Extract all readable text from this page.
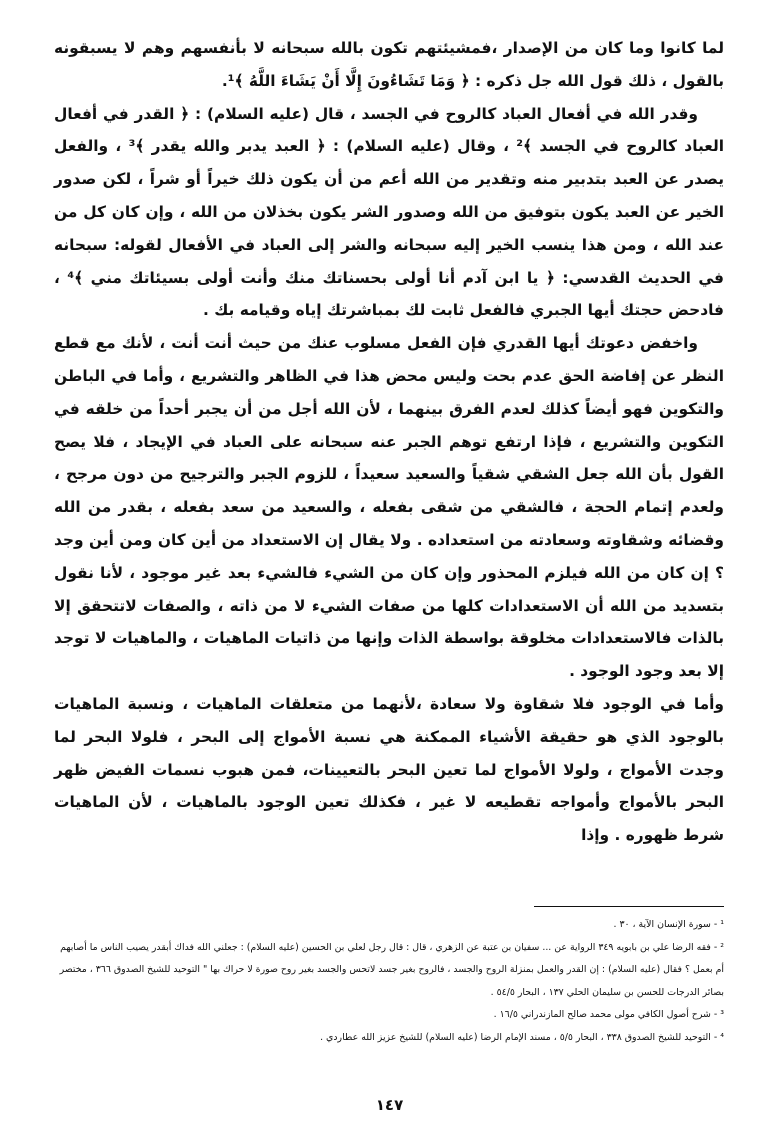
لما كانوا وما كان من الإصدار ،فمشيئتهم تكون بالله سبحانه لا بأنفسهم وهم لا يسبقونه بالقول ، ذلك قول الله جل ذكره : ﴿ وَمَا تَشَاءُونَ إِلَّا أَنْ يَشَاءَ اللَّهُ ﴾¹.

وقدر الله في أفعال العباد كالروح في الجسد ، قال (عليه السلام) : ﴿ القدر في أفعال العباد كالروح في الجسد ﴾² ، وقال (عليه السلام) : ﴿ العبد يدبر والله يقدر ﴾³ ، والفعل يصدر عن العبد بتدبير منه وتقدير من الله أعم من أن يكون ذلك خيراً أو شراً ، لكن صدور الخير عن العبد يكون بتوفيق من الله وصدور الشر يكون بخذلان من الله ، وإن كان كل من عند الله ، ومن هذا ينسب الخير إليه سبحانه والشر إلى العباد في الأفعال لقوله: سبحانه في الحديث القدسي: ﴿ يا ابن آدم أنا أولى بحسناتك منك وأنت أولى بسيئاتك مني ﴾⁴ ، فادحض حجتك أيها الجبري فالفعل ثابت لك بمباشرتك إياه وقيامه بك .

واخفض دعوتك أيها القدري فإن الفعل مسلوب عنك من حيث أنت أنت ، لأنك مع قطع النظر عن إفاضة الحق عدم بحت وليس محض هذا في الظاهر والتشريع ، وأما في الباطن والتكوين فهو أيضاً كذلك لعدم الفرق بينهما ، لأن الله أجل من أن يجبر أحداً من خلقه في التكوين والتشريع ، فإذا ارتفع توهم الجبر عنه سبحانه على العباد في الإيجاد ، فلا يصح القول بأن الله جعل الشقي شقياً والسعيد سعيداً ، للزوم الجبر والترجيح من دون مرجح ، ولعدم إتمام الحجة ، فالشقي من شقى بفعله ، والسعيد من سعد بفعله ، بقدر من الله وقضائه وشقاوته وسعادته من استعداده . ولا يقال إن الاستعداد من أين كان ومن أين وجد ؟ إن كان من الله فيلزم المحذور وإن كان من الشيء فالشيء بعد غير موجود ، لأنا نقول بتسديد من الله أن الاستعدادات كلها من صفات الشيء لا من ذاته ، والصفات لاتتحقق إلا بالذات فالاستعدادات مخلوقة بواسطة الذات وإنها من ذاتيات الماهيات ، والماهيات لا توجد إلا بعد وجود الوجود .

وأما في الوجود فلا شقاوة ولا سعادة ،لأنهما من متعلقات الماهيات ، ونسبة الماهيات بالوجود الذي هو حقيقة الأشياء الممكنة هي نسبة الأمواج إلى البحر ، فلولا البحر لما وجدت الأمواج ، ولولا الأمواج لما تعين البحر بالتعيينات، فمن هبوب نسمات الفيض ظهر البحر بالأمواج وأمواجه تقطيعه لا غير ، فكذلك تعين الوجود بالماهيات ، لأن الماهيات شرط ظهوره . وإذا

¹ - سورة الإنسان الآية ، ٣٠ .

² - فقه الرضا علي بن بابويه ٣٤٩ الرواية عن ... سفيان بن عتبة عن الزهري ، قال : قال رجل لعلي بن الحسين (عليه السلام) : جعلني الله فداك أبقدر يصيب الناس ما أصابهم أم بعمل ؟ فقال (عليه السلام) : إن القدر والعمل بمنزلة الروح والجسد ، فالروح بغير جسد لاتحس والجسد بغير روح صورة لا حراك بها " التوحيد للشيخ الصدوق ٣٦٦ ، مختصر بصائر الدرجات للحسن بن سليمان الحلي ١٣٧ ، البحار ٥٤/٥ .

³ - شرح أصول الكافي مولى محمد صالح المازندراني ١٦/٥ .

⁴ - التوحيد للشيخ الصدوق ٣٣٨ ، البحار ٥/٥ ، مسند الإمام الرضا (عليه السلام) للشيخ عزيز الله عطاردي .

١٤٧
